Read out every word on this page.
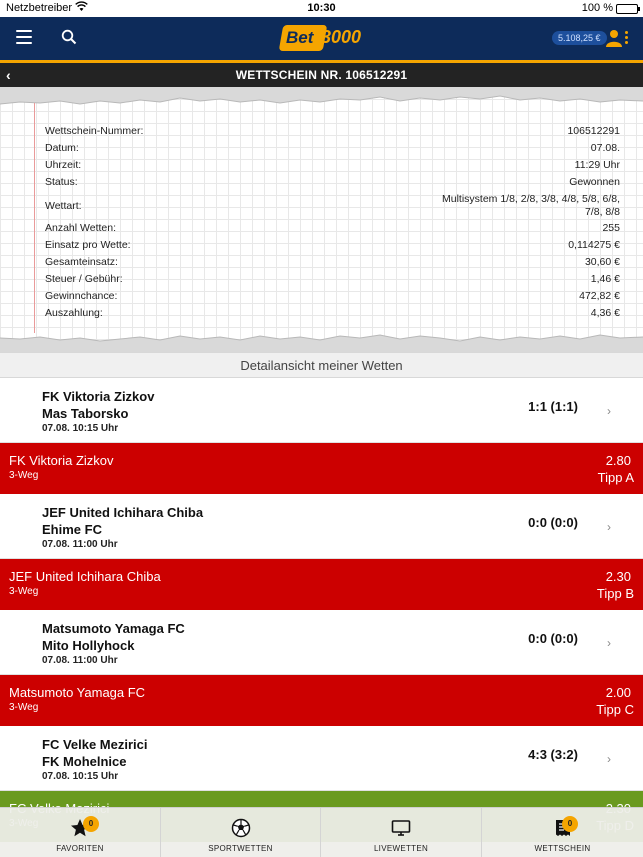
Netzbetreiber	10:30	100 %
Bet 3000	5.108,25 €
‹	WETTSCHEIN NR. 106512291
Wettschein-Nummer:	106512291
Datum:	07.08.
Uhrzeit:	11:29 Uhr
Status:	Gewonnen
Wettart:
Multisystem 1/8, 2/8, 3/8, 4/8, 5/8, 6/8,
7/8, 8/8
Anzahl Wetten:	255
Einsatz pro Wette:	0,114275 €
Gesamteinsatz:	30,60 €
Steuer / Gebühr:	1,46 €
Gewinnchance:	472,82 €
Auszahlung:	4,36 €
Detailansicht meiner Wetten
FK Viktoria Zizkov
Mas Taborsko
07.08. 10:15 Uhr
1:1 (1:1) ›
FK Viktoria Zizkov
3-Weg
2.80
Tipp A
JEF United Ichihara Chiba
Ehime FC
07.08. 11:00 Uhr
0:0 (0:0) ›
JEF United Ichihara Chiba
3-Weg
2.30
Tipp B
Matsumoto Yamaga FC
Mito Hollyhock
07.08. 11:00 Uhr
0:0 (0:0) ›
Matsumoto Yamaga FC
3-Weg
2.00
Tipp C
FC Velke Mezirici
FK Mohelnice
07.08. 10:15 Uhr
4:3 (3:2) ›
0
FAVORITEN	SPORTWETTEN	LIVEWETTEN
0
WETTSCHEIN
